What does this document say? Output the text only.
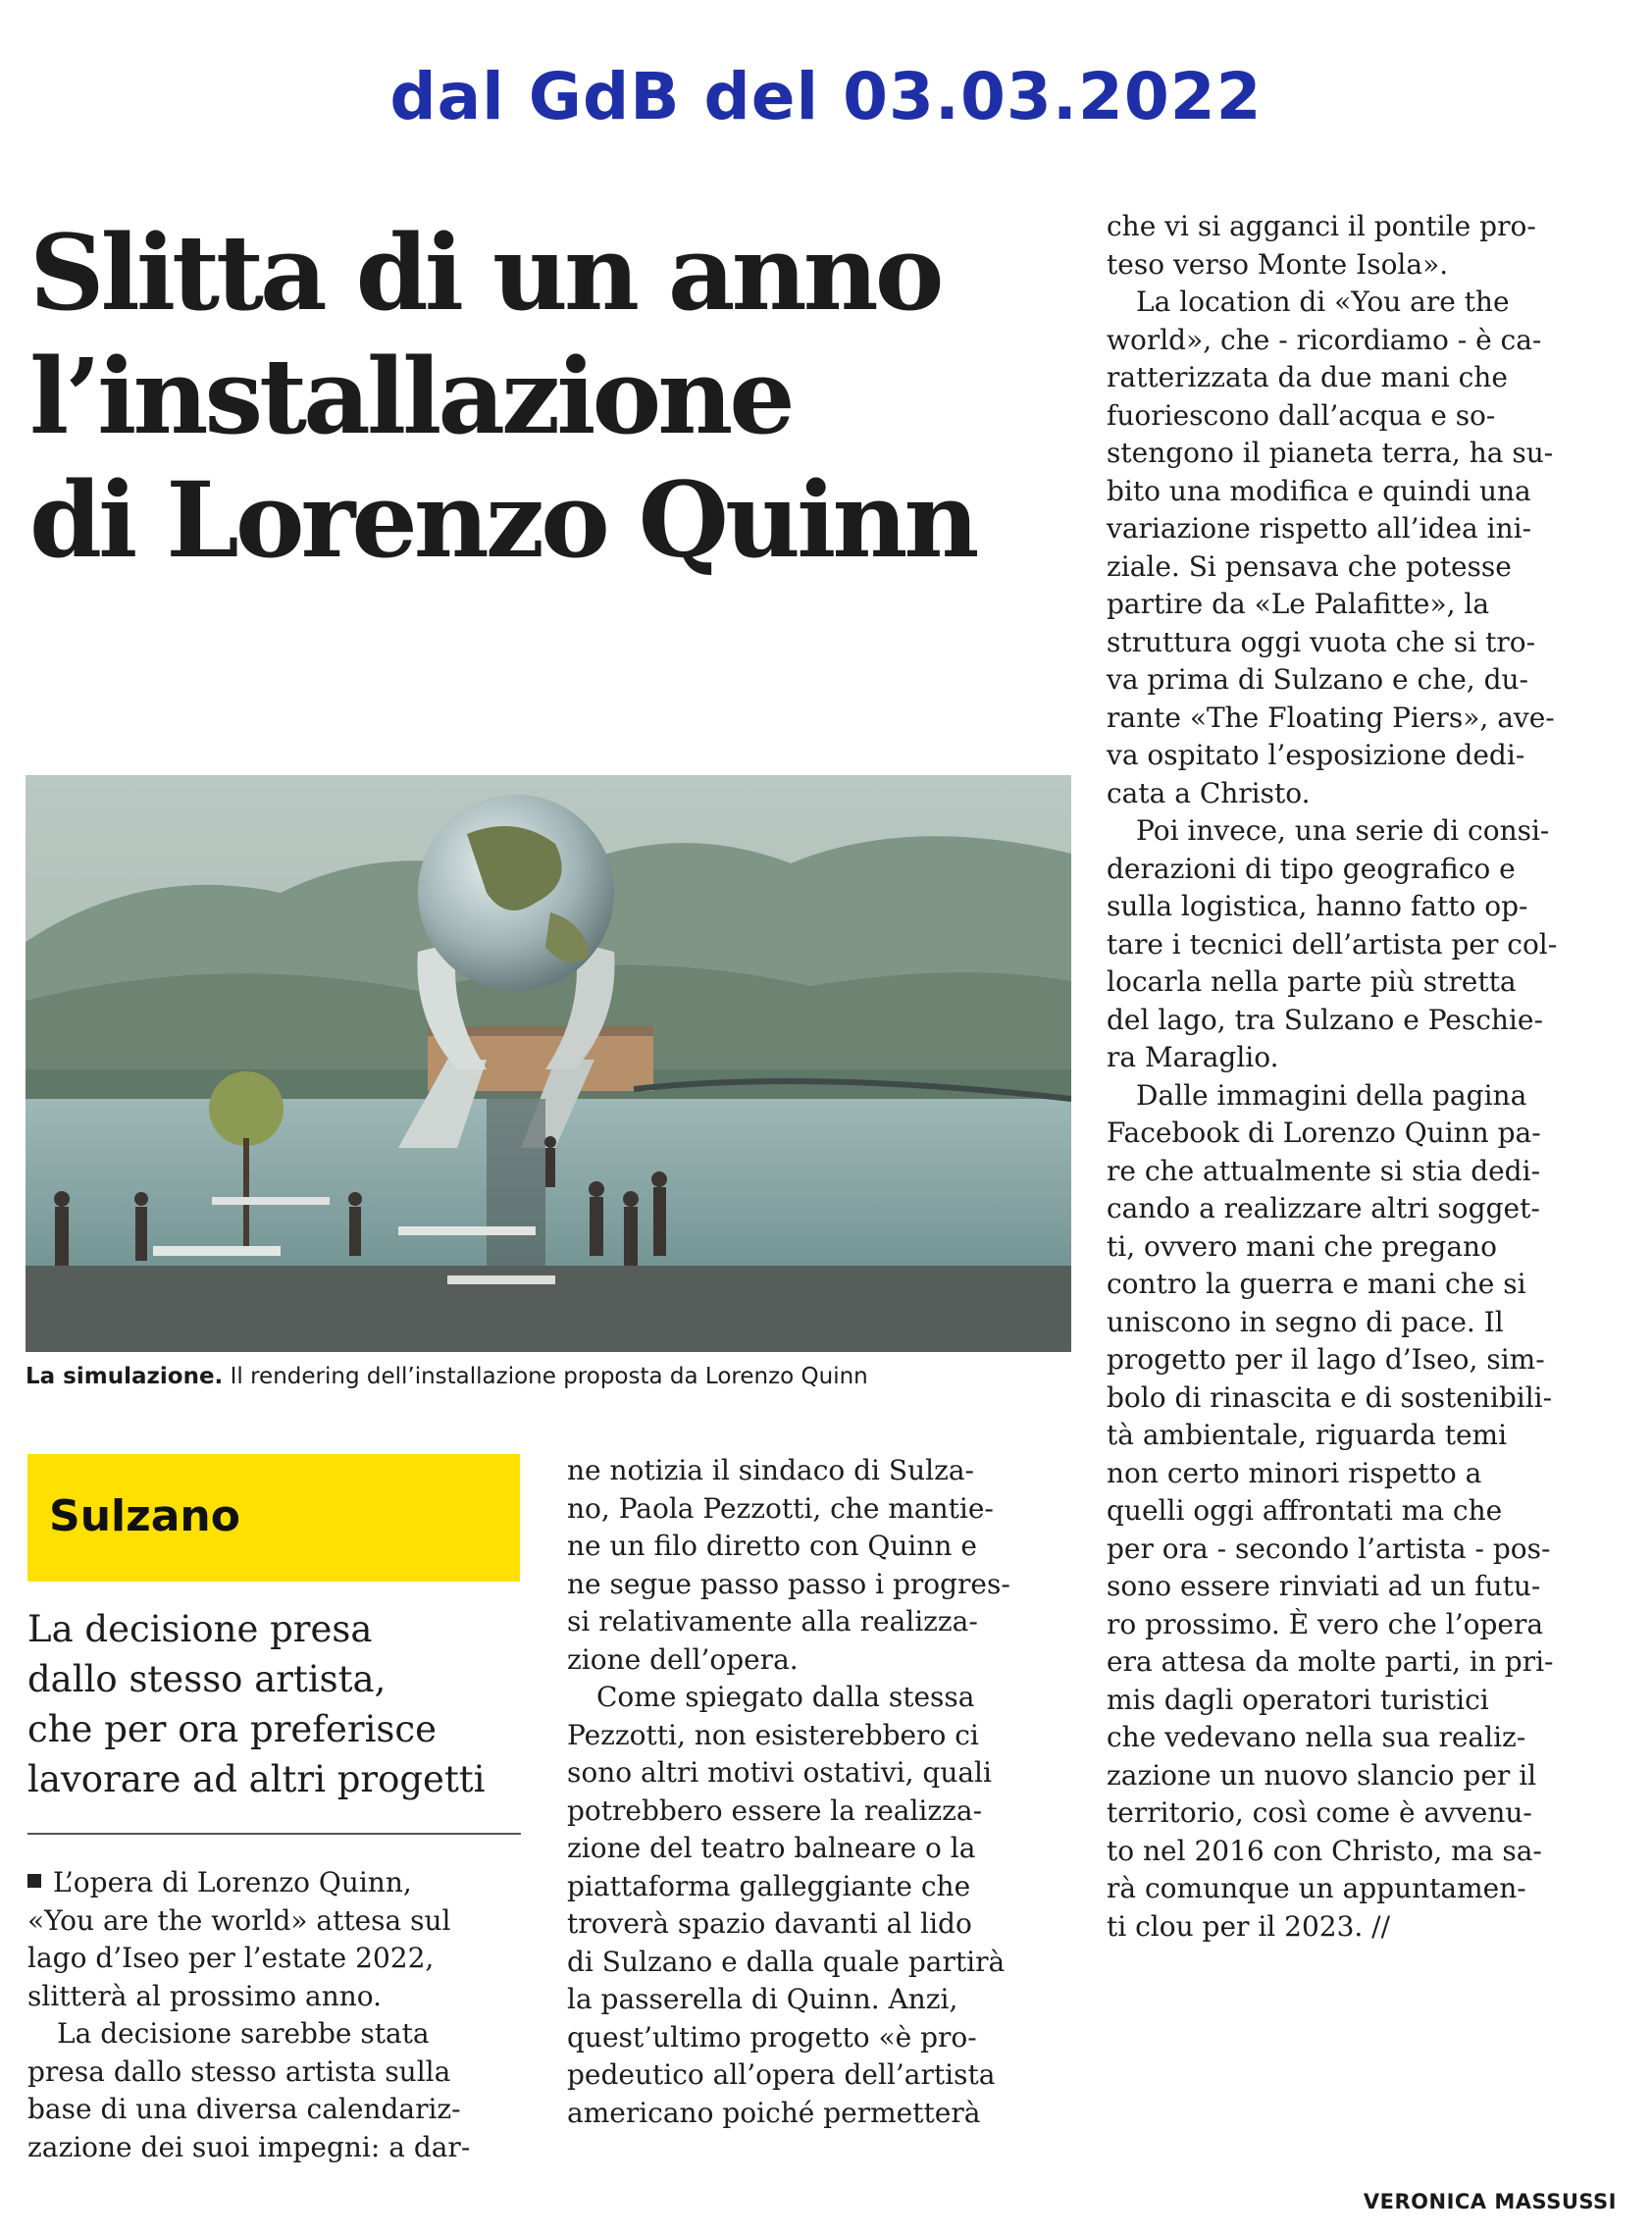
dal GdB del 03.03.2022
Slitta di un anno
l’installazione
di Lorenzo Quinn
La simulazione. Il rendering dell’installazione proposta da Lorenzo Quinn
Sulzano
La decisione presa
dallo stesso artista,
che per ora preferisce
lavorare ad altri progetti
L’opera di Lorenzo Quinn,
«You are the world» attesa sul
lago d’Iseo per l’estate 2022,
slitterà al prossimo anno.
La decisione sarebbe stata
presa dallo stesso artista sulla
base di una diversa calendariz-
zazione dei suoi impegni: a dar-
ne notizia il sindaco di Sulza-
no, Paola Pezzotti, che mantie-
ne un filo diretto con Quinn e
ne segue passo passo i progres-
si relativamente alla realizza-
zione dell’opera.
Come spiegato dalla stessa
Pezzotti, non esisterebbero ci
sono altri motivi ostativi, quali
potrebbero essere la realizza-
zione del teatro balneare o la
piattaforma galleggiante che
troverà spazio davanti al lido
di Sulzano e dalla quale partirà
la passerella di Quinn. Anzi,
quest’ultimo progetto «è pro-
pedeutico all’opera dell’artista
americano poiché permetterà
che vi si agganci il pontile pro-
teso verso Monte Isola».
La location di «You are the
world», che - ricordiamo - è ca-
ratterizzata da due mani che
fuoriescono dall’acqua e so-
stengono il pianeta terra, ha su-
bito una modifica e quindi una
variazione rispetto all’idea ini-
ziale. Si pensava che potesse
partire da «Le Palafitte», la
struttura oggi vuota che si tro-
va prima di Sulzano e che, du-
rante «The Floating Piers», ave-
va ospitato l’esposizione dedi-
cata a Christo.
Poi invece, una serie di consi-
derazioni di tipo geografico e
sulla logistica, hanno fatto op-
tare i tecnici dell’artista per col-
locarla nella parte più stretta
del lago, tra Sulzano e Peschie-
ra Maraglio.
Dalle immagini della pagina
Facebook di Lorenzo Quinn pa-
re che attualmente si stia dedi-
cando a realizzare altri sogget-
ti, ovvero mani che pregano
contro la guerra e mani che si
uniscono in segno di pace. Il
progetto per il lago d’Iseo, sim-
bolo di rinascita e di sostenibili-
tà ambientale, riguarda temi
non certo minori rispetto a
quelli oggi affrontati ma che
per ora - secondo l’artista - pos-
sono essere rinviati ad un futu-
ro prossimo. È vero che l’opera
era attesa da molte parti, in pri-
mis dagli operatori turistici
che vedevano nella sua realiz-
zazione un nuovo slancio per il
territorio, così come è avvenu-
to nel 2016 con Christo, ma sa-
rà comunque un appuntamen-
ti clou per il 2023. //
VERONICA MASSUSSI
